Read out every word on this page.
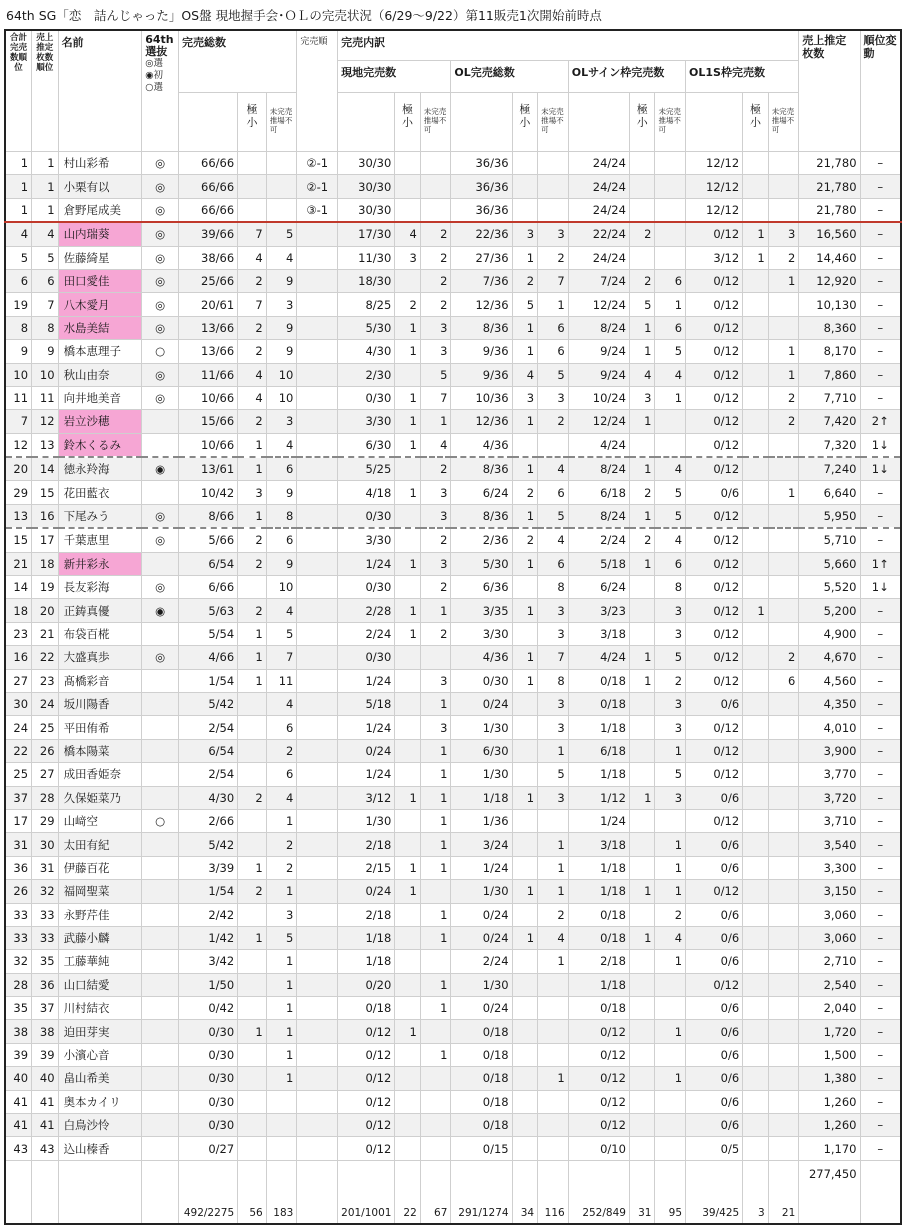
64th SG「恋　詰んじゃった」OS盤 現地握手会･ＯＬの完売状況（6/29〜9/22）第11販売1次開始前時点
合計完売数順位	売上推定枚数順位	名前	64th選抜
◎選
◉初
○選	完売総数			完売順	完売内訳												売上推定枚数	順位変動
								現地完売数			OL完売総数			OLサイン枠完売数			OL1S枠完売数				
					極小	未完売推場不可			極小	未完売推場不可		極小	未完売推場不可		極小	未完売推場不可		極小	未完売推場不可		
1	1	村山彩希	◎	66/66			②-1	30/30			36/36			24/24			12/12			21,780	–
1	1	小栗有以	◎	66/66			②-1	30/30			36/36			24/24			12/12			21,780	–
1	1	倉野尾成美	◎	66/66			③-1	30/30			36/36			24/24			12/12			21,780	–
4	4	山内瑞葵	◎	39/66	7	5		17/30	4	2	22/36	3	3	22/24	2		0/12	1	3	16,560	–
5	5	佐藤綺星	◎	38/66	4	4		11/30	3	2	27/36	1	2	24/24			3/12	1	2	14,460	–
6	6	田口愛佳	◎	25/66	2	9		18/30		2	7/36	2	7	7/24	2	6	0/12		1	12,920	–
19	7	八木愛月	◎	20/61	7	3		8/25	2	2	12/36	5	1	12/24	5	1	0/12			10,130	–
8	8	水島美結	◎	13/66	2	9		5/30	1	3	8/36	1	6	8/24	1	6	0/12			8,360	–
9	9	橋本恵理子	○	13/66	2	9		4/30	1	3	9/36	1	6	9/24	1	5	0/12		1	8,170	–
10	10	秋山由奈	◎	11/66	4	10		2/30		5	9/36	4	5	9/24	4	4	0/12		1	7,860	–
11	11	向井地美音	◎	10/66	4	10		0/30	1	7	10/36	3	3	10/24	3	1	0/12		2	7,710	–
7	12	岩立沙穂		15/66	2	3		3/30	1	1	12/36	1	2	12/24	1		0/12		2	7,420	2↑
12	13	鈴木くるみ		10/66	1	4		6/30	1	4	4/36			4/24			0/12			7,320	1↓
20	14	徳永羚海	◉	13/61	1	6		5/25		2	8/36	1	4	8/24	1	4	0/12			7,240	1↓
29	15	花田藍衣		10/42	3	9		4/18	1	3	6/24	2	6	6/18	2	5	0/6		1	6,640	–
13	16	下尾みう	◎	8/66	1	8		0/30		3	8/36	1	5	8/24	1	5	0/12			5,950	–
15	17	千葉恵里	◎	5/66	2	6		3/30		2	2/36	2	4	2/24	2	4	0/12			5,710	–
21	18	新井彩永		6/54	2	9		1/24	1	3	5/30	1	6	5/18	1	6	0/12			5,660	1↑
14	19	長友彩海	◎	6/66		10		0/30		2	6/36		8	6/24		8	0/12			5,520	1↓
18	20	正鋳真優	◉	5/63	2	4		2/28	1	1	3/35	1	3	3/23		3	0/12	1		5,200	–
23	21	布袋百椛		5/54	1	5		2/24	1	2	3/30		3	3/18		3	0/12			4,900	–
16	22	大盛真歩	◎	4/66	1	7		0/30			4/36	1	7	4/24	1	5	0/12		2	4,670	–
27	23	髙橋彩音		1/54	1	11		1/24		3	0/30	1	8	0/18	1	2	0/12		6	4,560	–
30	24	坂川陽香		5/42		4		5/18		1	0/24		3	0/18		3	0/6			4,350	–
24	25	平田侑希		2/54		6		1/24		3	1/30		3	1/18		3	0/12			4,010	–
22	26	橋本陽菜		6/54		2		0/24		1	6/30		1	6/18		1	0/12			3,900	–
25	27	成田香姫奈		2/54		6		1/24		1	1/30		5	1/18		5	0/12			3,770	–
37	28	久保姫菜乃		4/30	2	4		3/12	1	1	1/18	1	3	1/12	1	3	0/6			3,720	–
17	29	山﨑空	○	2/66		1		1/30		1	1/36			1/24			0/12			3,710	–
31	30	太田有紀		5/42		2		2/18		1	3/24		1	3/18		1	0/6			3,540	–
36	31	伊藤百花		3/39	1	2		2/15	1	1	1/24		1	1/18		1	0/6			3,300	–
26	32	福岡聖菜		1/54	2	1		0/24	1		1/30	1	1	1/18	1	1	0/12			3,150	–
33	33	永野芹佳		2/42		3		2/18		1	0/24		2	0/18		2	0/6			3,060	–
33	33	武藤小麟		1/42	1	5		1/18		1	0/24	1	4	0/18	1	4	0/6			3,060	–
32	35	工藤華純		3/42		1		1/18			2/24		1	2/18		1	0/6			2,710	–
28	36	山口結愛		1/50		1		0/20		1	1/30			1/18			0/12			2,540	–
35	37	川村結衣		0/42		1		0/18		1	0/24			0/18			0/6			2,040	–
38	38	迫田芽実		0/30	1	1		0/12	1		0/18			0/12		1	0/6			1,720	–
39	39	小濱心音		0/30		1		0/12		1	0/18			0/12			0/6			1,500	–
40	40	畠山希美		0/30		1		0/12			0/18		1	0/12		1	0/6			1,380	–
41	41	奥本カイリ		0/30				0/12			0/18			0/12			0/6			1,260	–
41	41	白鳥沙怜		0/30				0/12			0/18			0/12			0/6			1,260	–
43	43	込山榛香		0/27				0/12			0/15			0/10			0/5			1,170	–
				492/2275	56	183		201/1001	22	67	291/1274	34	116	252/849	31	95	39/425	3	21	277,450	
